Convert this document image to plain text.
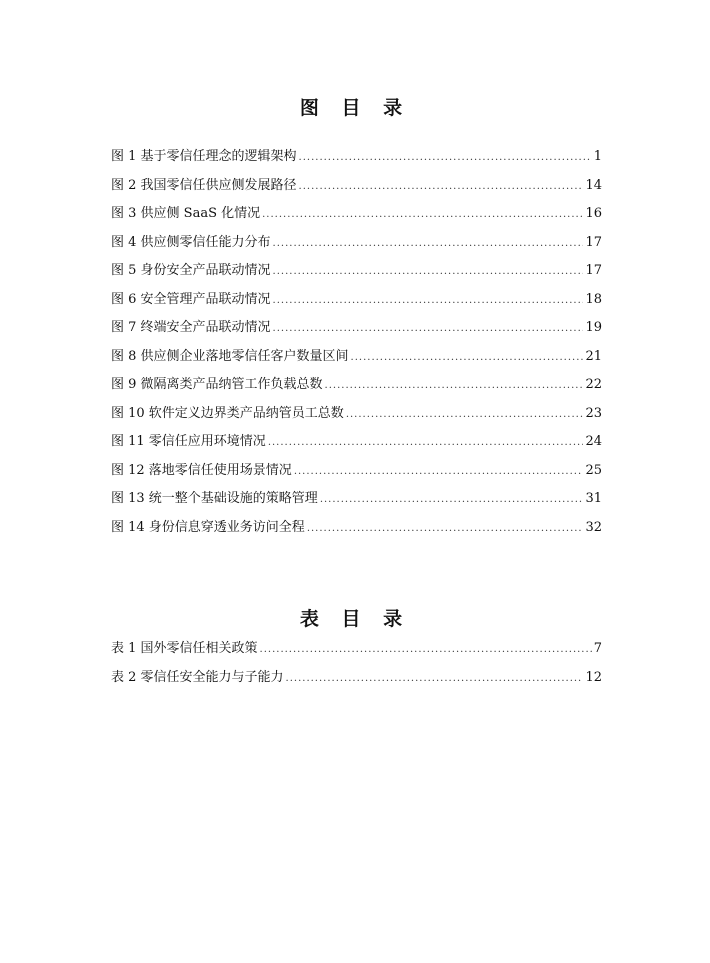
图 目 录
图 1 基于零信任理念的逻辑架构 .....	1
图 2 我国零信任供应侧发展路径 .....	14
图 3 供应侧 SaaS 化情况 .....	16
图 4 供应侧零信任能力分布 .....	17
图 5 身份安全产品联动情况 .....	17
图 6 安全管理产品联动情况 .....	18
图 7 终端安全产品联动情况 .....	19
图 8 供应侧企业落地零信任客户数量区间 .....	21
图 9 微隔离类产品纳管工作负载总数 .....	22
图 10 软件定义边界类产品纳管员工总数 .....	23
图 11 零信任应用环境情况 .....	24
图 12 落地零信任使用场景情况 .....	25
图 13 统一整个基础设施的策略管理 .....	31
图 14 身份信息穿透业务访问全程 .....	32
表 目 录
表 1 国外零信任相关政策 .....	7
表 2 零信任安全能力与子能力 .....	12
